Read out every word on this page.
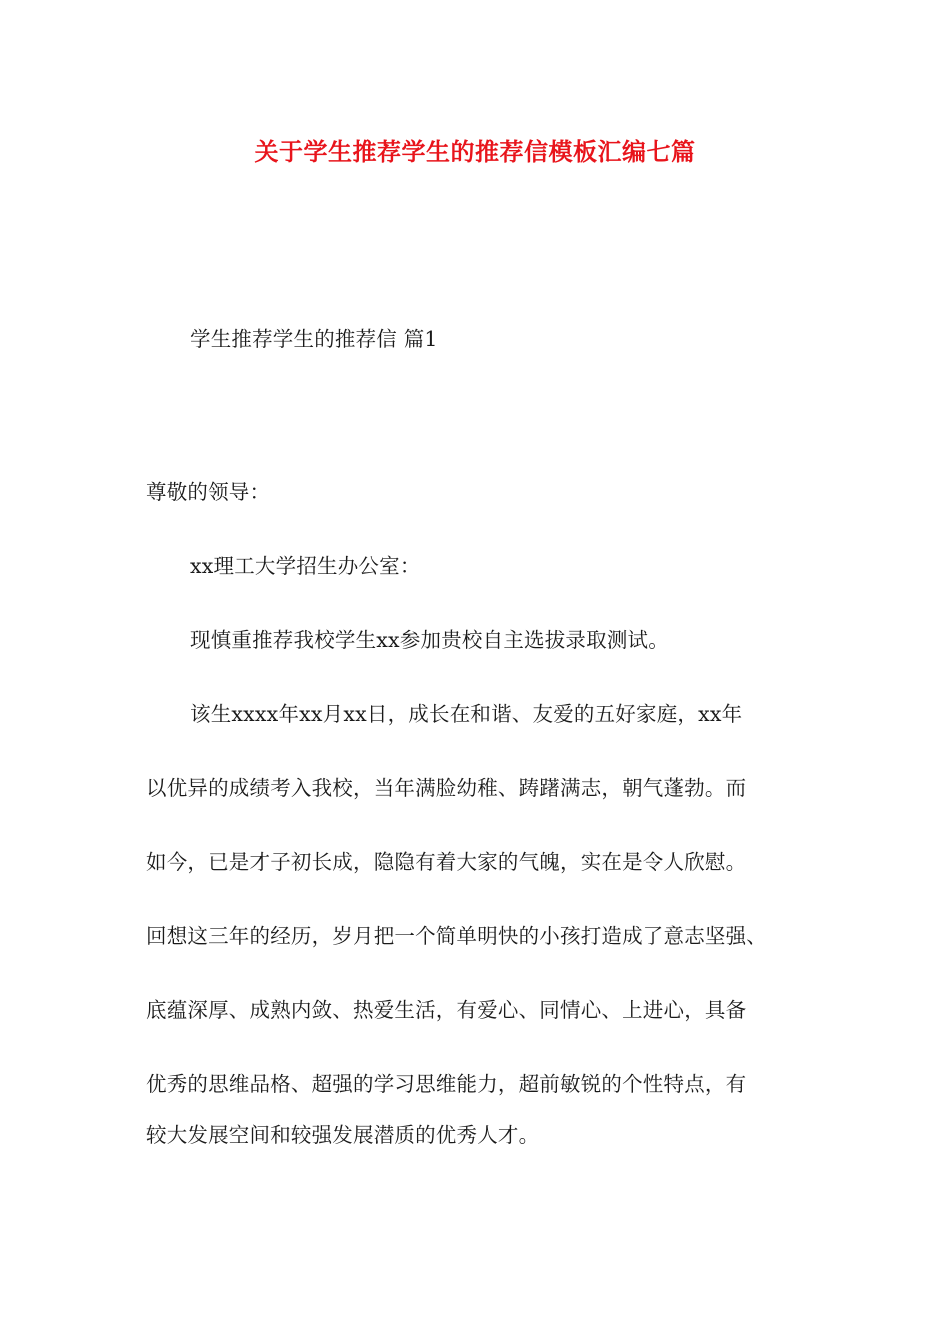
关于学生推荐学生的推荐信模板汇编七篇
学生推荐学生的推荐信 篇1
尊敬的领导：
xx理工大学招生办公室：
现慎重推荐我校学生xx参加贵校自主选拔录取测试。
该生xxxx年xx月xx日，成长在和谐、友爱的五好家庭，xx年
以优异的成绩考入我校，当年满脸幼稚、踌躇满志，朝气蓬勃。而
如今，已是才子初长成，隐隐有着大家的气魄，实在是令人欣慰。
回想这三年的经历，岁月把一个简单明快的小孩打造成了意志坚强、
底蕴深厚、成熟内敛、热爱生活，有爱心、同情心、上进心，具备
优秀的思维品格、超强的学习思维能力，超前敏锐的个性特点，有
较大发展空间和较强发展潜质的优秀人才。
